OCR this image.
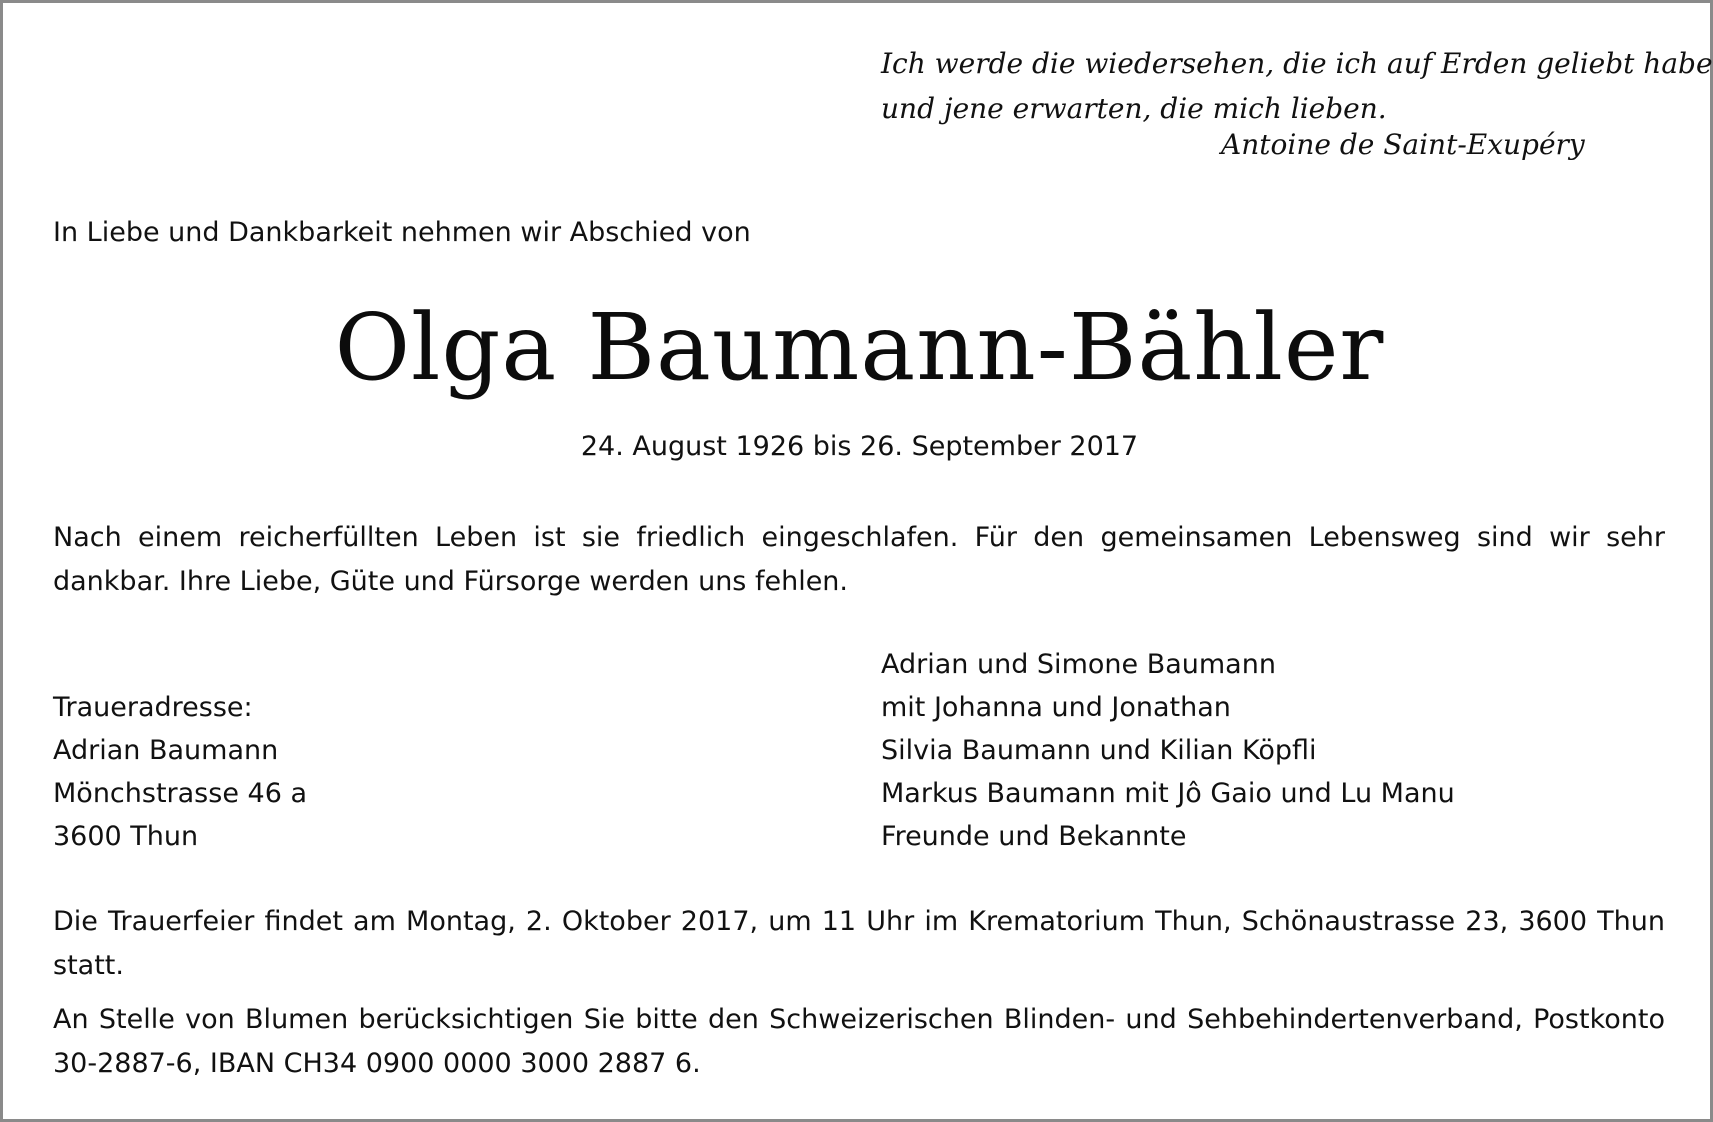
Ich werde die wiedersehen, die ich auf Erden geliebt habe
und jene erwarten, die mich lieben.
Antoine de Saint-Exupéry
In Liebe und Dankbarkeit nehmen wir Abschied von
Olga Baumann-Bähler
24. August 1926 bis 26. September 2017
Nach einem reicherfüllten Leben ist sie friedlich eingeschlafen. Für den gemeinsamen Lebensweg sind wir sehr dankbar. Ihre Liebe, Güte und Fürsorge werden uns fehlen.
Traueradresse:
Adrian Baumann
Mönchstrasse 46 a
3600 Thun
Adrian und Simone Baumann
mit Johanna und Jonathan
Silvia Baumann und Kilian Köpfli
Markus Baumann mit Jô Gaio und Lu Manu
Freunde und Bekannte
Die Trauerfeier findet am Montag, 2. Oktober 2017, um 11 Uhr im Krematorium Thun, Schönaustrasse 23, 3600 Thun statt.
An Stelle von Blumen berücksichtigen Sie bitte den Schweizerischen Blinden- und Sehbehindertenverband, Postkonto 30-2887-6, IBAN CH34 0900 0000 3000 2887 6.
